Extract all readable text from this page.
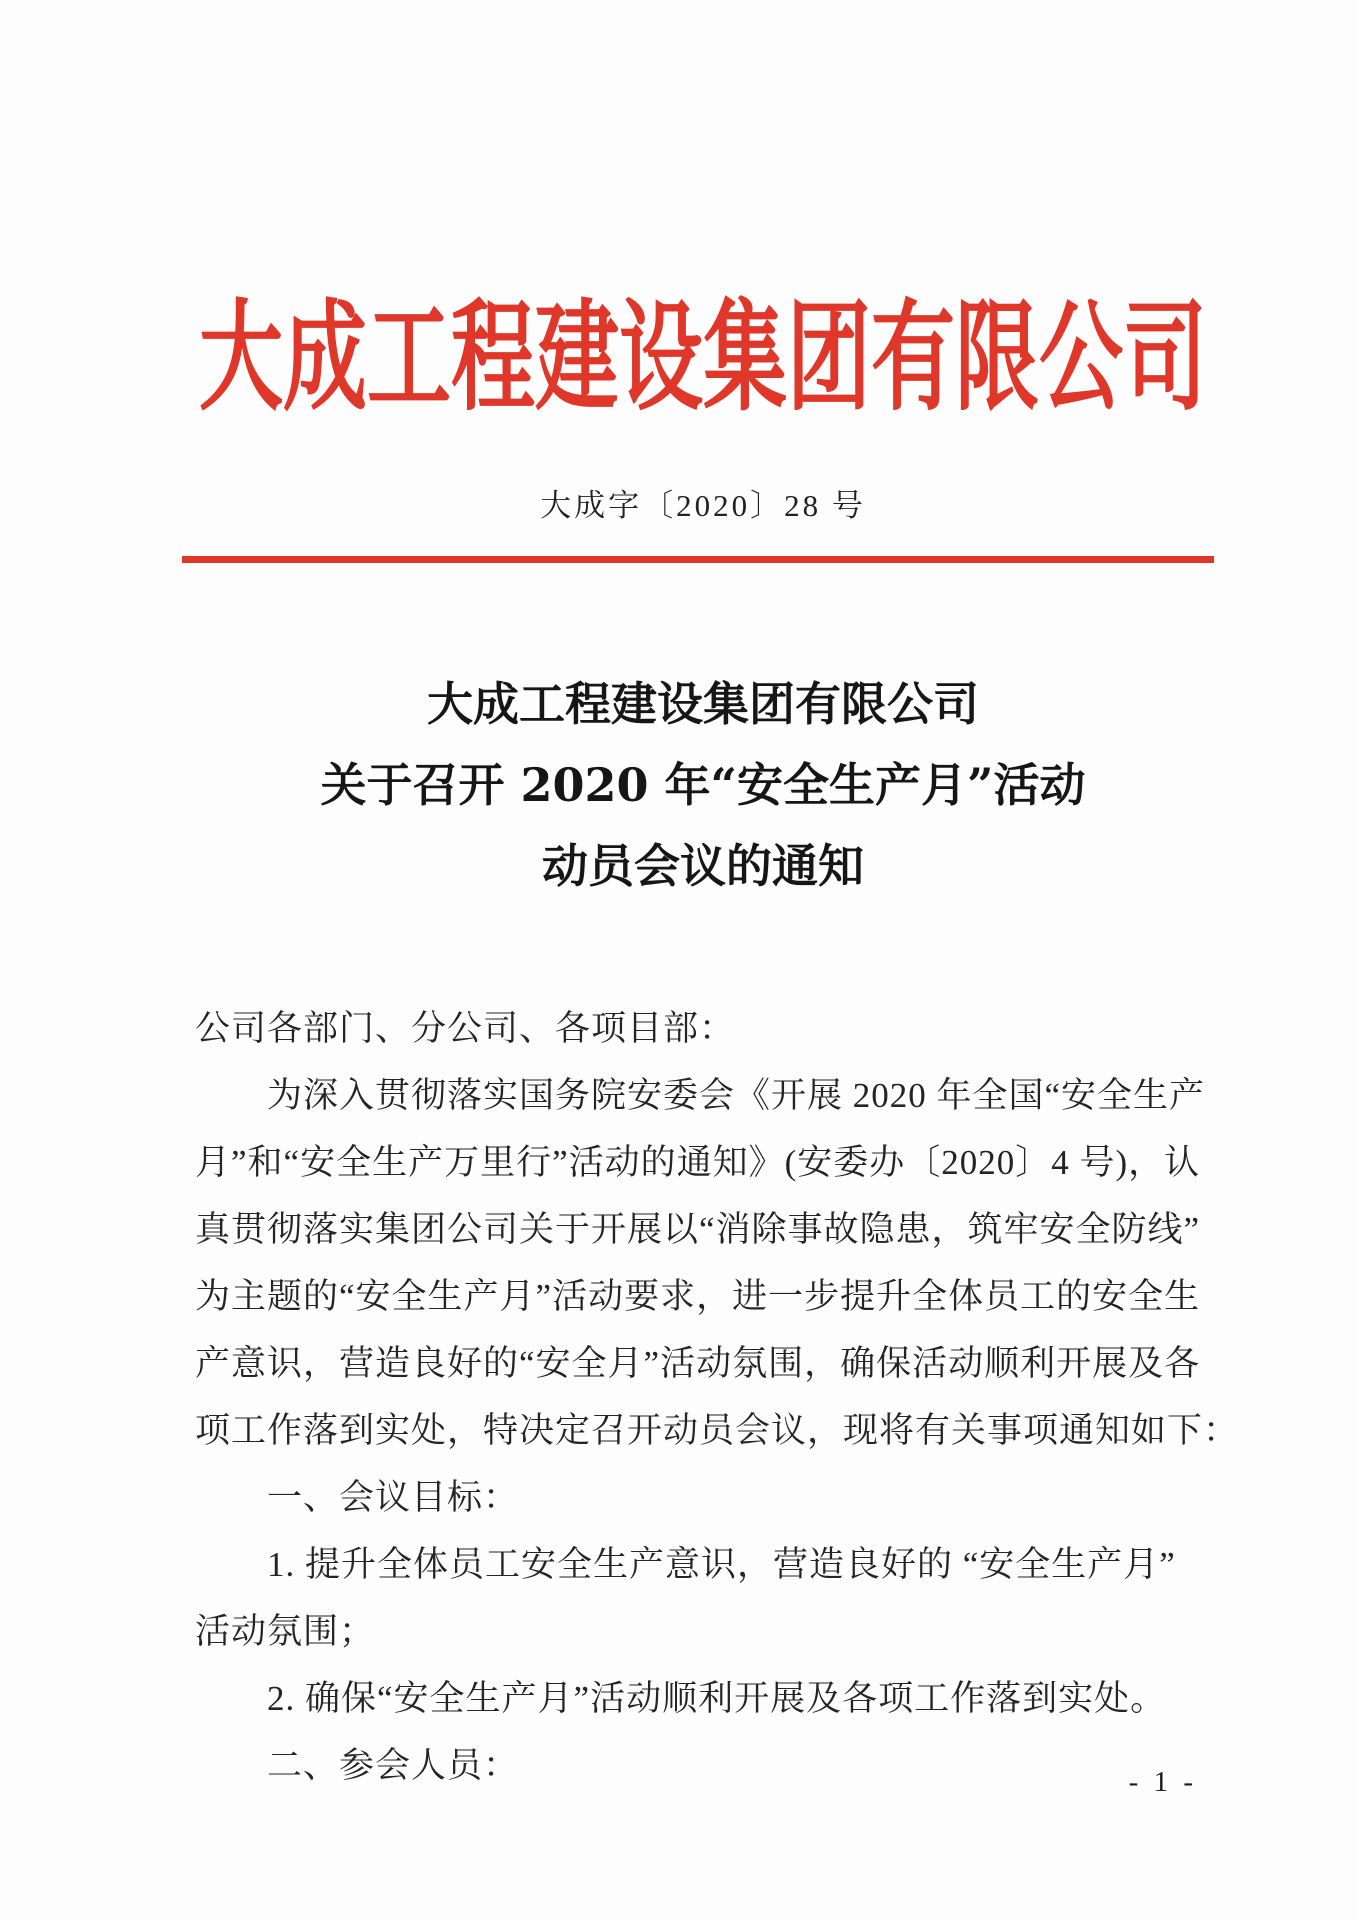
大成工程建设集团有限公司
大成字〔2020〕28 号
大成工程建设集团有限公司
关于召开 2020 年“安全生产月”活动
动员会议的通知
公司各部门、分公司、各项目部：
为深入贯彻落实国务院安委会《开展 2020 年全国“安全生产
月”和“安全生产万里行”活动的通知》(安委办〔2020〕4 号)，认
真贯彻落实集团公司关于开展以“消除事故隐患，筑牢安全防线”
为主题的“安全生产月”活动要求，进一步提升全体员工的安全生
产意识，营造良好的“安全月”活动氛围，确保活动顺利开展及各
项工作落到实处，特决定召开动员会议，现将有关事项通知如下：
一、会议目标：
1. 提升全体员工安全生产意识，营造良好的 “安全生产月”
活动氛围；
2. 确保“安全生产月”活动顺利开展及各项工作落到实处。
二、参会人员：	- 1 -
